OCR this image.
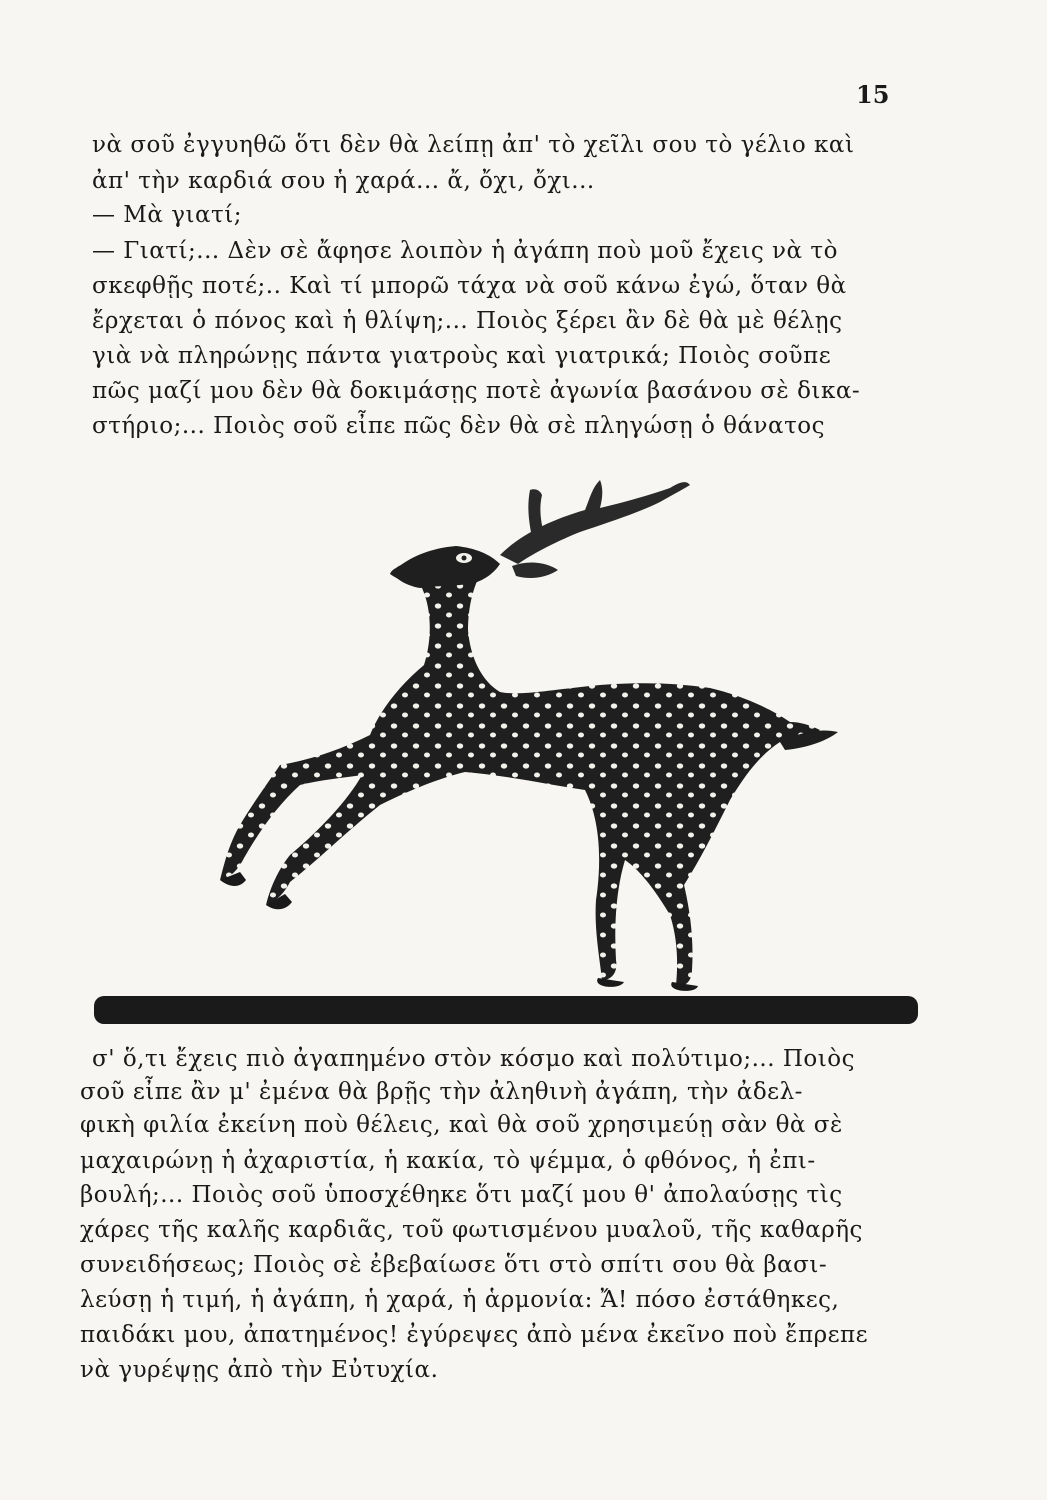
15
νὰ σοῦ ἐγγυηθῶ ὅτι δὲν θὰ λείπῃ ἀπ' τὸ χεῖλι σου τὸ γέλιο καὶ
ἀπ' τὴν καρδιά σου ἡ χαρά... ἄ, ὄχι, ὄχι...
— Μὰ γιατί;
— Γιατί;... Δὲν σὲ ἄφησε λοιπὸν ἡ ἀγάπη ποὺ μοῦ ἔχεις νὰ τὸ
σκεφθῇς ποτέ;.. Καὶ τί μπορῶ τάχα νὰ σοῦ κάνω ἐγώ, ὅταν θὰ
ἔρχεται ὁ πόνος καὶ ἡ θλίψη;... Ποιὸς ξέρει ἂν δὲ θὰ μὲ θέλῃς
γιὰ νὰ πληρώνῃς πάντα γιατροὺς καὶ γιατρικά; Ποιὸς σοῦπε
πῶς μαζί μου δὲν θὰ δοκιμάσῃς ποτὲ ἀγωνία βασάνου σὲ δικα-
στήριο;... Ποιὸς σοῦ εἶπε πῶς δὲν θὰ σὲ πληγώσῃ ὁ θάνατος
σ' ὅ,τι ἔχεις πιὸ ἀγαπημένο στὸν κόσμο καὶ πολύτιμο;... Ποιὸς
σοῦ εἶπε ἂν μ' ἐμένα θὰ βρῇς τὴν ἀληθινὴ ἀγάπη, τὴν ἀδελ-
φικὴ φιλία ἐκείνη ποὺ θέλεις, καὶ θὰ σοῦ χρησιμεύῃ σὰν θὰ σὲ
μαχαιρώνῃ ἡ ἀχαριστία, ἡ κακία, τὸ ψέμμα, ὁ φθόνος, ἡ ἐπι-
βουλή;... Ποιὸς σοῦ ὑποσχέθηκε ὅτι μαζί μου θ' ἀπολαύσῃς τὶς
χάρες τῆς καλῆς καρδιᾶς, τοῦ φωτισμένου μυαλοῦ, τῆς καθαρῆς
συνειδήσεως; Ποιὸς σὲ ἐβεβαίωσε ὅτι στὸ σπίτι σου θὰ βασι-
λεύσῃ ἡ τιμή, ἡ ἀγάπη, ἡ χαρά, ἡ ἁρμονία: Ἄ! πόσο ἐστάθηκες,
παιδάκι μου, ἀπατημένος! ἐγύρεψες ἀπὸ μένα ἐκεῖνο ποὺ ἔπρεπε
νὰ γυρέψῃς ἀπὸ τὴν Εὐτυχία.
